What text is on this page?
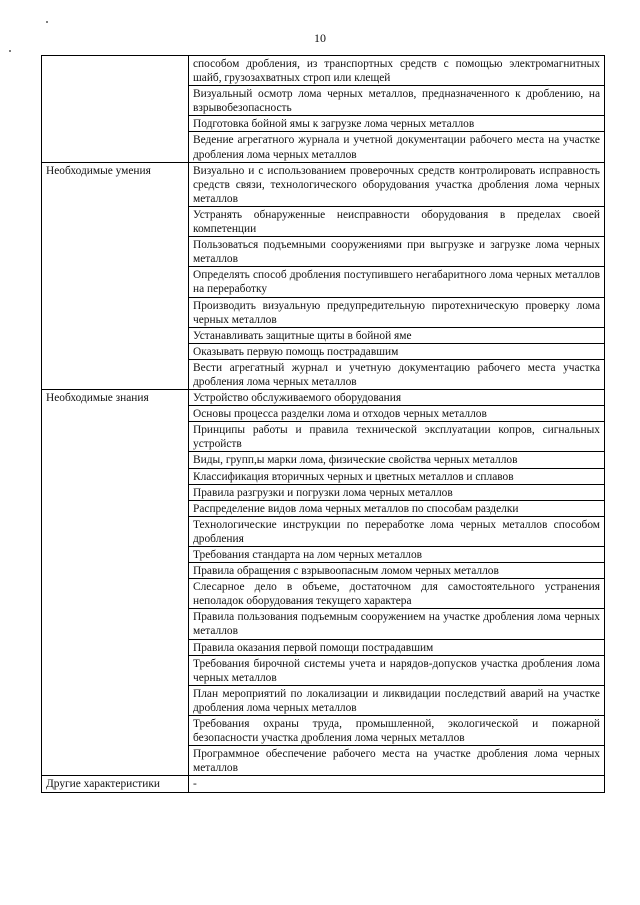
10
	способом дробления, из транспортных средств с помощью электромагнитных шайб, грузозахватных строп или клещей
	Визуальный осмотр лома черных металлов, предназначенного к дроблению, на взрывобезопасность
	Подготовка бойной ямы к загрузке лома черных металлов
	Ведение агрегатного журнала и учетной документации рабочего места на участке дробления лома черных металлов
Необходимые умения	Визуально и с использованием проверочных средств контролировать исправность средств связи, технологического оборудования участка дробления лома черных металлов
	Устранять обнаруженные неисправности оборудования в пределах своей компетенции
	Пользоваться подъемными сооружениями при выгрузке и загрузке лома черных металлов
	Определять способ дробления поступившего негабаритного лома черных металлов на переработку
	Производить визуальную предупредительную пиротехническую проверку лома черных металлов
	Устанавливать защитные щиты в бойной яме
	Оказывать первую помощь пострадавшим
	Вести агрегатный журнал и учетную документацию рабочего места участка дробления лома черных металлов
Необходимые знания	Устройство обслуживаемого оборудования
	Основы процесса разделки лома и отходов черных металлов
	Принципы работы и правила технической эксплуатации копров, сигнальных устройств
	Виды, групп,ы марки лома, физические свойства черных металлов
	Классификация вторичных черных и цветных металлов и сплавов
	Правила разгрузки и погрузки лома черных металлов
	Распределение видов лома черных металлов по способам разделки
	Технологические инструкции по переработке лома черных металлов способом дробления
	Требования стандарта на лом черных металлов
	Правила обращения с взрывоопасным ломом черных металлов
	Слесарное дело в объеме, достаточном для самостоятельного устранения неполадок оборудования текущего характера
	Правила пользования подъемным сооружением на участке дробления лома черных металлов
	Правила оказания первой помощи пострадавшим
	Требования бирочной системы учета и нарядов-допусков участка дробления лома черных металлов
	План мероприятий по локализации и ликвидации последствий аварий на участке дробления лома черных металлов
	Требования охраны труда, промышленной, экологической и пожарной безопасности участка дробления лома черных металлов
	Программное обеспечение рабочего места на участке дробления лома черных металлов
Другие характеристики	-
